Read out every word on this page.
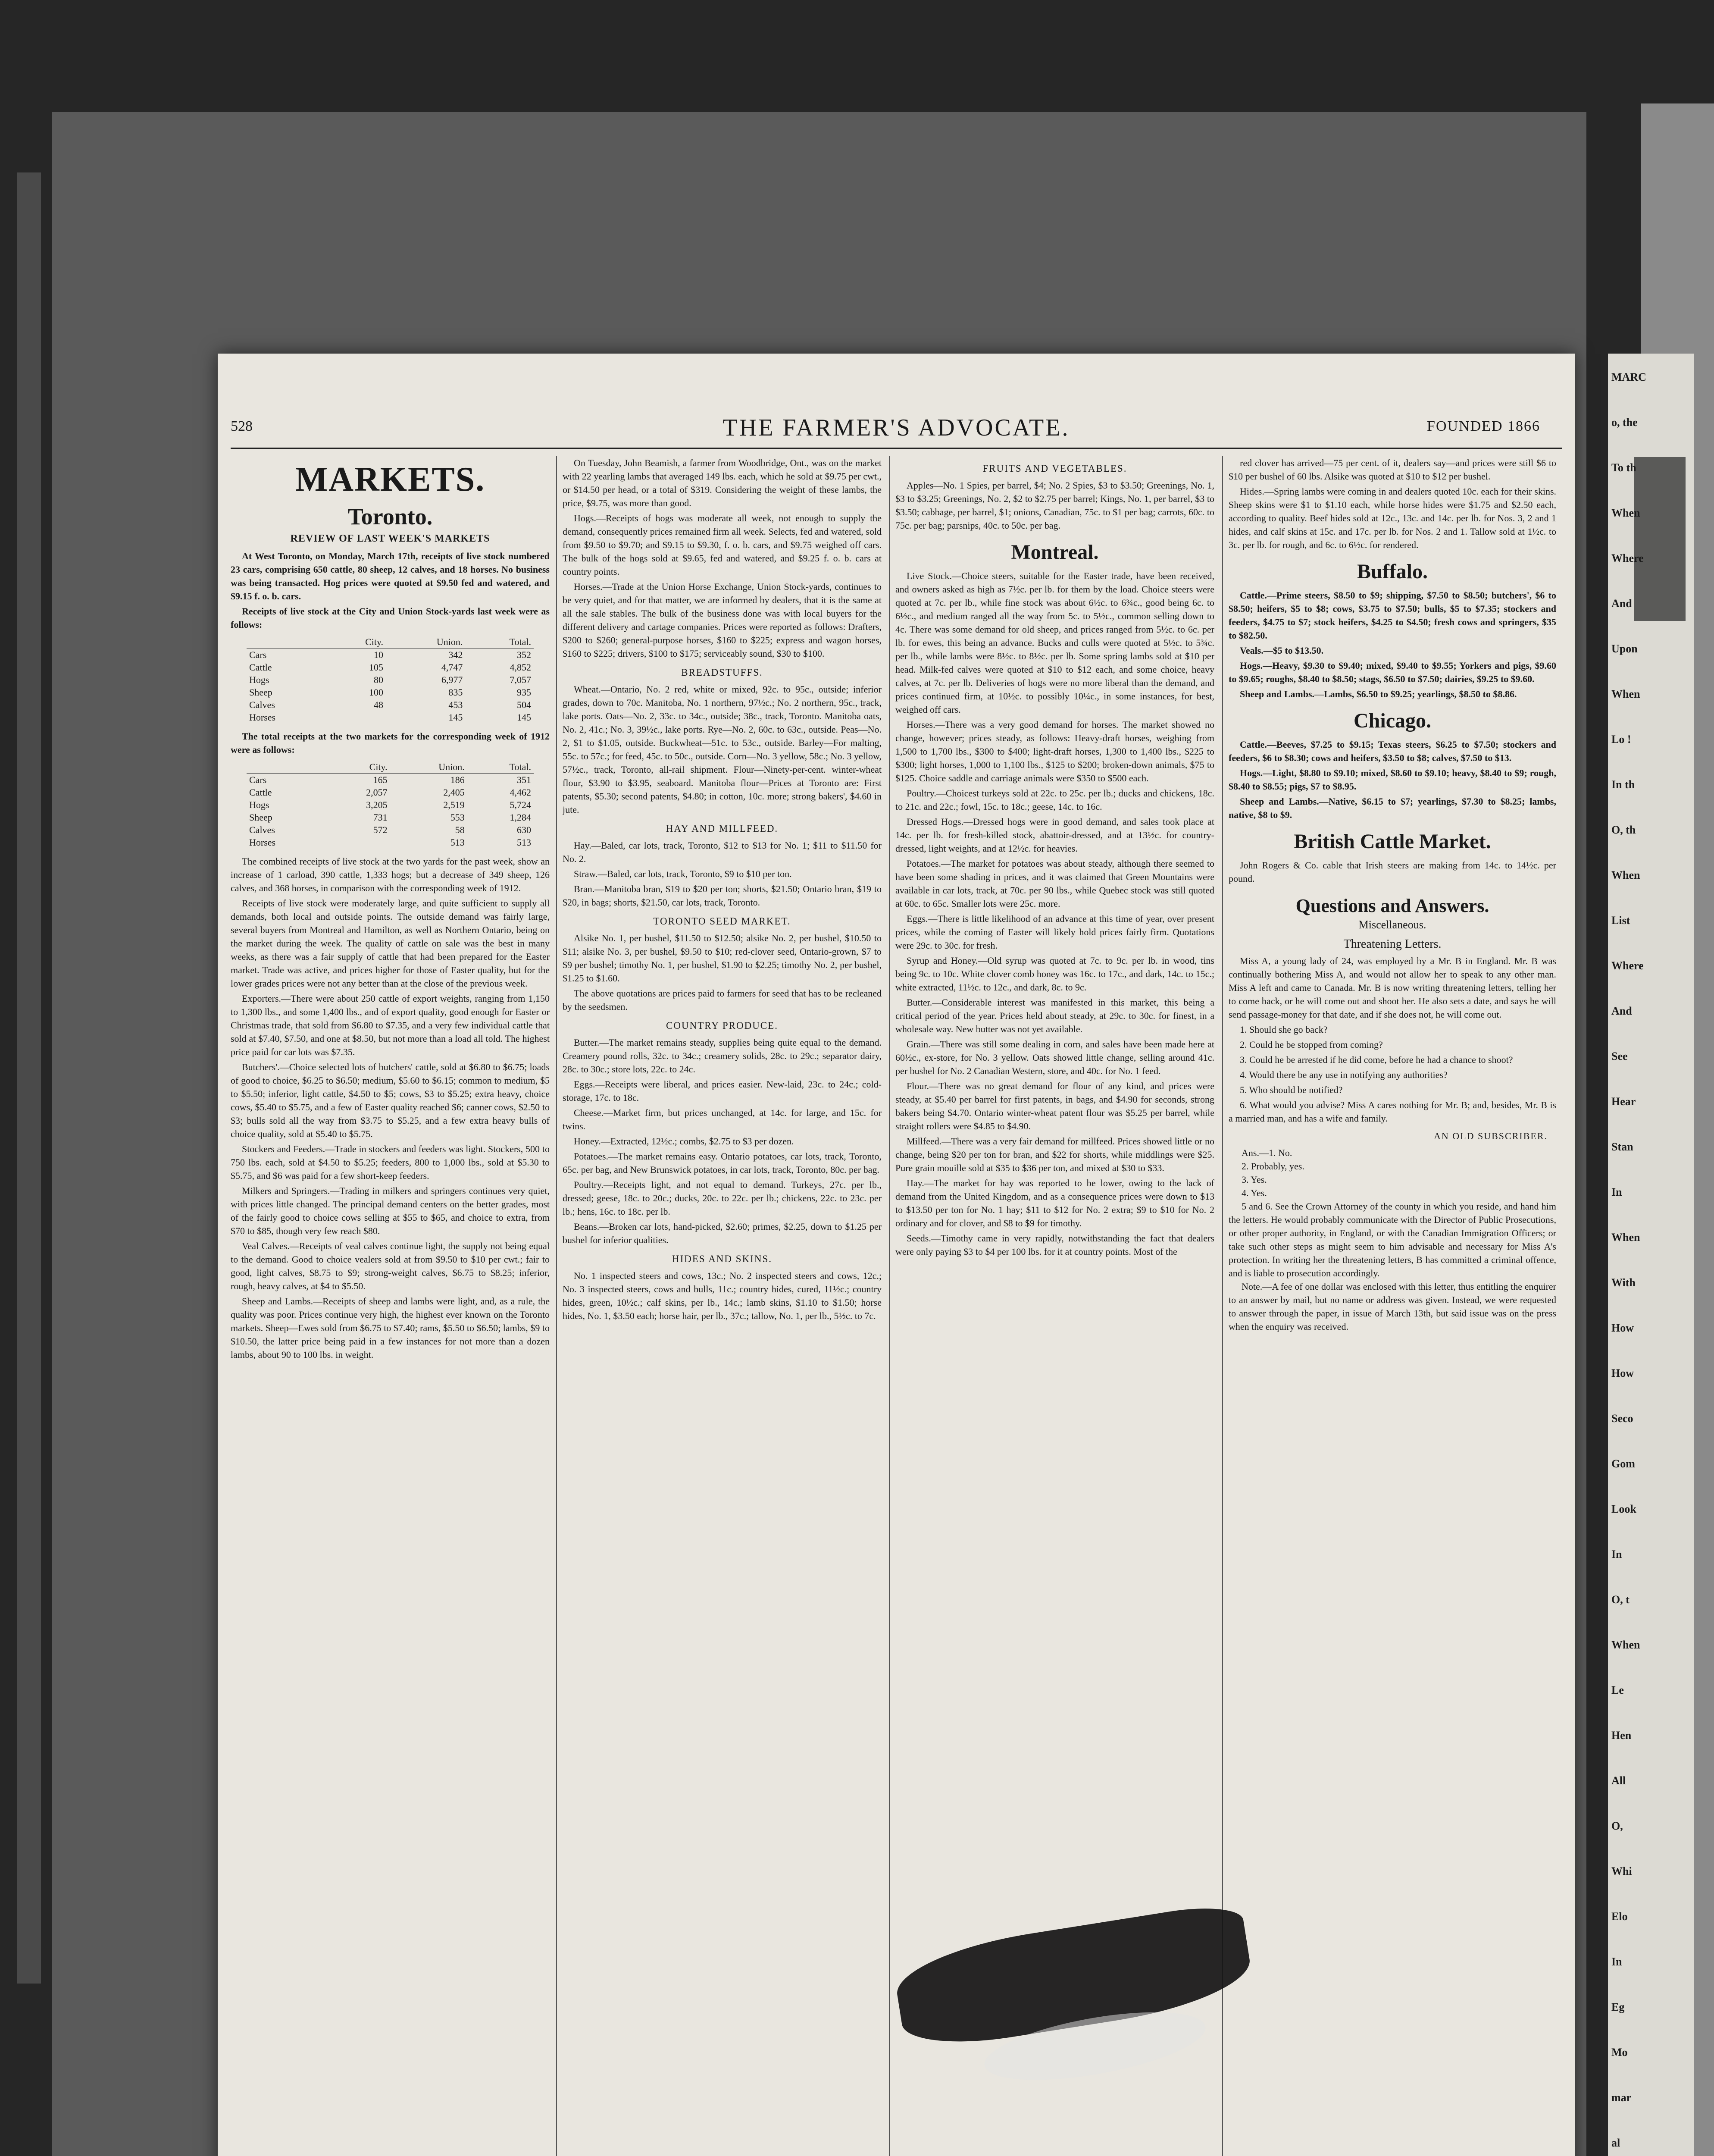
MARC
o, the
To th
When
Where
And
Upon
When
Lo !
In th
O, th
When
List
Where
And
See
Hear
Stan
In
When
With
How
How
Seco
Gom
Look
In
O, t
When
Le
Hen
All
O,
Whi
Elo
In
Eg
Mo
mar
al
528	THE FARMER'S ADVOCATE.	FOUNDED 1866
MARKETS.
Toronto.
REVIEW OF LAST WEEK'S MARKETS

At West Toronto, on Monday, March 17th, receipts of live stock numbered 23 cars, comprising 650 cattle, 80 sheep, 12 calves, and 18 horses. No business was being transacted. Hog prices were quoted at $9.50 fed and watered, and $9.15 f. o. b. cars.

Receipts of live stock at the City and Union Stock-yards last week were as follows:

	City.	Union.	Total.
Cars	10	342	352
Cattle	105	4,747	4,852
Hogs	80	6,977	7,057
Sheep	100	835	935
Calves	48	453	504
Horses		145	145

The total receipts at the two markets for the corresponding week of 1912 were as follows:

	City.	Union.	Total.
Cars	165	186	351
Cattle	2,057	2,405	4,462
Hogs	3,205	2,519	5,724
Sheep	731	553	1,284
Calves	572	58	630
Horses		513	513

The combined receipts of live stock at the two yards for the past week, show an increase of 1 carload, 390 cattle, 1,333 hogs; but a decrease of 349 sheep, 126 calves, and 368 horses, in comparison with the corresponding week of 1912.

Receipts of live stock were moderately large, and quite sufficient to supply all demands, both local and outside points. The outside demand was fairly large, several buyers from Montreal and Hamilton, as well as Northern Ontario, being on the market during the week. The quality of cattle on sale was the best in many weeks, as there was a fair supply of cattle that had been prepared for the Easter market. Trade was active, and prices higher for those of Easter quality, but for the lower grades prices were not any better than at the close of the previous week.

Exporters.—There were about 250 cattle of export weights, ranging from 1,150 to 1,300 lbs., and some 1,400 lbs., and of export quality, good enough for Easter or Christmas trade, that sold from $6.80 to $7.35, and a very few individual cattle that sold at $7.40, $7.50, and one at $8.50, but not more than a load all told. The highest price paid for car lots was $7.35.

Butchers'.—Choice selected lots of butchers' cattle, sold at $6.80 to $6.75; loads of good to choice, $6.25 to $6.50; medium, $5.60 to $6.15; common to medium, $5 to $5.50; inferior, light cattle, $4.50 to $5; cows, $3 to $5.25; extra heavy, choice cows, $5.40 to $5.75, and a few of Easter quality reached $6; canner cows, $2.50 to $3; bulls sold all the way from $3.75 to $5.25, and a few extra heavy bulls of choice quality, sold at $5.40 to $5.75.

Stockers and Feeders.—Trade in stockers and feeders was light. Stockers, 500 to 750 lbs. each, sold at $4.50 to $5.25; feeders, 800 to 1,000 lbs., sold at $5.30 to $5.75, and $6 was paid for a few short-keep feeders.

Milkers and Springers.—Trading in milkers and springers continues very quiet, with prices little changed. The principal demand centers on the better grades, most of the fairly good to choice cows selling at $55 to $65, and choice to extra, from $70 to $85, though very few reach $80.

Veal Calves.—Receipts of veal calves continue light, the supply not being equal to the demand. Good to choice vealers sold at from $9.50 to $10 per cwt.; fair to good, light calves, $8.75 to $9; strong-weight calves, $6.75 to $8.25; inferior, rough, heavy calves, at $4 to $5.50.

Sheep and Lambs.—Receipts of sheep and lambs were light, and, as a rule, the quality was poor. Prices continue very high, the highest ever known on the Toronto markets. Sheep—Ewes sold from $6.75 to $7.40; rams, $5.50 to $6.50; lambs, $9 to $10.50, the latter price being paid in a few instances for not more than a dozen lambs, about 90 to 100 lbs. in weight.

On Tuesday, John Beamish, a farmer from Woodbridge, Ont., was on the market with 22 yearling lambs that averaged 149 lbs. each, which he sold at $9.75 per cwt., or $14.50 per head, or a total of $319. Considering the weight of these lambs, the price, $9.75, was more than good.

Hogs.—Receipts of hogs was moderate all week, not enough to supply the demand, consequently prices remained firm all week. Selects, fed and watered, sold from $9.50 to $9.70; and $9.15 to $9.30, f. o. b. cars, and $9.75 weighed off cars. The bulk of the hogs sold at $9.65, fed and watered, and $9.25 f. o. b. cars at country points.

Horses.—Trade at the Union Horse Exchange, Union Stock-yards, continues to be very quiet, and for that matter, we are informed by dealers, that it is the same at all the sale stables. The bulk of the business done was with local buyers for the different delivery and cartage companies. Prices were reported as follows: Drafters, $200 to $260; general-purpose horses, $160 to $225; express and wagon horses, $160 to $225; drivers, $100 to $175; serviceably sound, $30 to $100.

BREADSTUFFS.

Wheat.—Ontario, No. 2 red, white or mixed, 92c. to 95c., outside; inferior grades, down to 70c. Manitoba, No. 1 northern, 97½c.; No. 2 northern, 95c., track, lake ports. Oats—No. 2, 33c. to 34c., outside; 38c., track, Toronto. Manitoba oats, No. 2, 41c.; No. 3, 39½c., lake ports. Rye—No. 2, 60c. to 63c., outside. Peas—No. 2, $1 to $1.05, outside. Buckwheat—51c. to 53c., outside. Barley—For malting, 55c. to 57c.; for feed, 45c. to 50c., outside. Corn—No. 3 yellow, 58c.; No. 3 yellow, 57½c., track, Toronto, all-rail shipment. Flour—Ninety-per-cent. winter-wheat flour, $3.90 to $3.95, seaboard. Manitoba flour—Prices at Toronto are: First patents, $5.30; second patents, $4.80; in cotton, 10c. more; strong bakers', $4.60 in jute.

HAY AND MILLFEED.

Hay.—Baled, car lots, track, Toronto, $12 to $13 for No. 1; $11 to $11.50 for No. 2.

Straw.—Baled, car lots, track, Toronto, $9 to $10 per ton.

Bran.—Manitoba bran, $19 to $20 per ton; shorts, $21.50; Ontario bran, $19 to $20, in bags; shorts, $21.50, car lots, track, Toronto.

TORONTO SEED MARKET.

Alsike No. 1, per bushel, $11.50 to $12.50; alsike No. 2, per bushel, $10.50 to $11; alsike No. 3, per bushel, $9.50 to $10; red-clover seed, Ontario-grown, $7 to $9 per bushel; timothy No. 1, per bushel, $1.90 to $2.25; timothy No. 2, per bushel, $1.25 to $1.60.

The above quotations are prices paid to farmers for seed that has to be recleaned by the seedsmen.

COUNTRY PRODUCE.

Butter.—The market remains steady, supplies being quite equal to the demand. Creamery pound rolls, 32c. to 34c.; creamery solids, 28c. to 29c.; separator dairy, 28c. to 30c.; store lots, 22c. to 24c.

Eggs.—Receipts were liberal, and prices easier. New-laid, 23c. to 24c.; cold-storage, 17c. to 18c.

Cheese.—Market firm, but prices unchanged, at 14c. for large, and 15c. for twins.

Honey.—Extracted, 12½c.; combs, $2.75 to $3 per dozen.

Potatoes.—The market remains easy. Ontario potatoes, car lots, track, Toronto, 65c. per bag, and New Brunswick potatoes, in car lots, track, Toronto, 80c. per bag.

Poultry.—Receipts light, and not equal to demand. Turkeys, 27c. per lb., dressed; geese, 18c. to 20c.; ducks, 20c. to 22c. per lb.; chickens, 22c. to 23c. per lb.; hens, 16c. to 18c. per lb.

Beans.—Broken car lots, hand-picked, $2.60; primes, $2.25, down to $1.25 per bushel for inferior qualities.

HIDES AND SKINS.

No. 1 inspected steers and cows, 13c.; No. 2 inspected steers and cows, 12c.; No. 3 inspected steers, cows and bulls, 11c.; country hides, cured, 11½c.; country hides, green, 10½c.; calf skins, per lb., 14c.; lamb skins, $1.10 to $1.50; horse hides, No. 1, $3.50 each; horse hair, per lb., 37c.; tallow, No. 1, per lb., 5½c. to 7c.

FRUITS AND VEGETABLES.

Apples—No. 1 Spies, per barrel, $4; No. 2 Spies, $3 to $3.50; Greenings, No. 1, $3 to $3.25; Greenings, No. 2, $2 to $2.75 per barrel; Kings, No. 1, per barrel, $3 to $3.50; cabbage, per barrel, $1; onions, Canadian, 75c. to $1 per bag; carrots, 60c. to 75c. per bag; parsnips, 40c. to 50c. per bag.

Montreal.

Live Stock.—Choice steers, suitable for the Easter trade, have been received, and owners asked as high as 7½c. per lb. for them by the load. Choice steers were quoted at 7c. per lb., while fine stock was about 6½c. to 6¾c., good being 6c. to 6½c., and medium ranged all the way from 5c. to 5½c., common selling down to 4c. There was some demand for old sheep, and prices ranged from 5½c. to 6c. per lb. for ewes, this being an advance. Bucks and culls were quoted at 5½c. to 5¾c. per lb., while lambs were 8½c. to 8½c. per lb. Some spring lambs sold at $10 per head. Milk-fed calves were quoted at $10 to $12 each, and some choice, heavy calves, at 7c. per lb. Deliveries of hogs were no more liberal than the demand, and prices continued firm, at 10½c. to possibly 10¼c., in some instances, for best, weighed off cars.

Horses.—There was a very good demand for horses. The market showed no change, however; prices steady, as follows: Heavy-draft horses, weighing from 1,500 to 1,700 lbs., $300 to $400; light-draft horses, 1,300 to 1,400 lbs., $225 to $300; light horses, 1,000 to 1,100 lbs., $125 to $200; broken-down animals, $75 to $125. Choice saddle and carriage animals were $350 to $500 each.

Poultry.—Choicest turkeys sold at 22c. to 25c. per lb.; ducks and chickens, 18c. to 21c. and 22c.; fowl, 15c. to 18c.; geese, 14c. to 16c.

Dressed Hogs.—Dressed hogs were in good demand, and sales took place at 14c. per lb. for fresh-killed stock, abattoir-dressed, and at 13½c. for country-dressed, light weights, and at 12½c. for heavies.

Potatoes.—The market for potatoes was about steady, although there seemed to have been some shading in prices, and it was claimed that Green Mountains were available in car lots, track, at 70c. per 90 lbs., while Quebec stock was still quoted at 60c. to 65c. Smaller lots were 25c. more.

Eggs.—There is little likelihood of an advance at this time of year, over present prices, while the coming of Easter will likely hold prices fairly firm. Quotations were 29c. to 30c. for fresh.

Syrup and Honey.—Old syrup was quoted at 7c. to 9c. per lb. in wood, tins being 9c. to 10c. White clover comb honey was 16c. to 17c., and dark, 14c. to 15c.; white extracted, 11½c. to 12c., and dark, 8c. to 9c.

Butter.—Considerable interest was manifested in this market, this being a critical period of the year. Prices held about steady, at 29c. to 30c. for finest, in a wholesale way. New butter was not yet available.

Grain.—There was still some dealing in corn, and sales have been made here at 60½c., ex-store, for No. 3 yellow. Oats showed little change, selling around 41c. per bushel for No. 2 Canadian Western, store, and 40c. for No. 1 feed.

Flour.—There was no great demand for flour of any kind, and prices were steady, at $5.40 per barrel for first patents, in bags, and $4.90 for seconds, strong bakers being $4.70. Ontario winter-wheat patent flour was $5.25 per barrel, while straight rollers were $4.85 to $4.90.

Millfeed.—There was a very fair demand for millfeed. Prices showed little or no change, being $20 per ton for bran, and $22 for shorts, while middlings were $25. Pure grain mouille sold at $35 to $36 per ton, and mixed at $30 to $33.

Hay.—The market for hay was reported to be lower, owing to the lack of demand from the United Kingdom, and as a consequence prices were down to $13 to $13.50 per ton for No. 1 hay; $11 to $12 for No. 2 extra; $9 to $10 for No. 2 ordinary and for clover, and $8 to $9 for timothy.

Seeds.—Timothy came in very rapidly, notwithstanding the fact that dealers were only paying $3 to $4 per 100 lbs. for it at country points. Most of the

red clover has arrived—75 per cent. of it, dealers say—and prices were still $6 to $10 per bushel of 60 lbs. Alsike was quoted at $10 to $12 per bushel.

Hides.—Spring lambs were coming in and dealers quoted 10c. each for their skins. Sheep skins were $1 to $1.10 each, while horse hides were $1.75 and $2.50 each, according to quality. Beef hides sold at 12c., 13c. and 14c. per lb. for Nos. 3, 2 and 1 hides, and calf skins at 15c. and 17c. per lb. for Nos. 2 and 1. Tallow sold at 1½c. to 3c. per lb. for rough, and 6c. to 6½c. for rendered.

Buffalo.

Cattle.—Prime steers, $8.50 to $9; shipping, $7.50 to $8.50; butchers', $6 to $8.50; heifers, $5 to $8; cows, $3.75 to $7.50; bulls, $5 to $7.35; stockers and feeders, $4.75 to $7; stock heifers, $4.25 to $4.50; fresh cows and springers, $35 to $82.50.

Veals.—$5 to $13.50.

Hogs.—Heavy, $9.30 to $9.40; mixed, $9.40 to $9.55; Yorkers and pigs, $9.60 to $9.65; roughs, $8.40 to $8.50; stags, $6.50 to $7.50; dairies, $9.25 to $9.60.

Sheep and Lambs.—Lambs, $6.50 to $9.25; yearlings, $8.50 to $8.86.

Chicago.

Cattle.—Beeves, $7.25 to $9.15; Texas steers, $6.25 to $7.50; stockers and feeders, $6 to $8.30; cows and heifers, $3.50 to $8; calves, $7.50 to $13.

Hogs.—Light, $8.80 to $9.10; mixed, $8.60 to $9.10; heavy, $8.40 to $9; rough, $8.40 to $8.55; pigs, $7 to $8.95.

Sheep and Lambs.—Native, $6.15 to $7; yearlings, $7.30 to $8.25; lambs, native, $8 to $9.

British Cattle Market.

John Rogers & Co. cable that Irish steers are making from 14c. to 14½c. per pound.

Questions and Answers.
Miscellaneous.
Threatening Letters.

Miss A, a young lady of 24, was employed by a Mr. B in England. Mr. B was continually bothering Miss A, and would not allow her to speak to any other man. Miss A left and came to Canada. Mr. B is now writing threatening letters, telling her to come back, or he will come out and shoot her. He also sets a date, and says he will send passage-money for that date, and if she does not, he will come out.

1. Should she go back?

2. Could he be stopped from coming?

3. Could he be arrested if he did come, before he had a chance to shoot?

4. Would there be any use in notifying any authorities?

5. Who should be notified?

6. What would you advise? Miss A cares nothing for Mr. B; and, besides, Mr. B is a married man, and has a wife and family.

AN OLD SUBSCRIBER.

Ans.—1. No.

2. Probably, yes.

3. Yes.

4. Yes.

5 and 6. See the Crown Attorney of the county in which you reside, and hand him the letters. He would probably communicate with the Director of Public Prosecutions, or other proper authority, in England, or with the Canadian Immigration Officers; or take such other steps as might seem to him advisable and necessary for Miss A's protection. In writing her the threatening letters, B has committed a criminal offence, and is liable to prosecution accordingly.

Note.—A fee of one dollar was enclosed with this letter, thus entitling the enquirer to an answer by mail, but no name or address was given. Instead, we were requested to answer through the paper, in issue of March 13th, but said issue was on the press when the enquiry was received.
